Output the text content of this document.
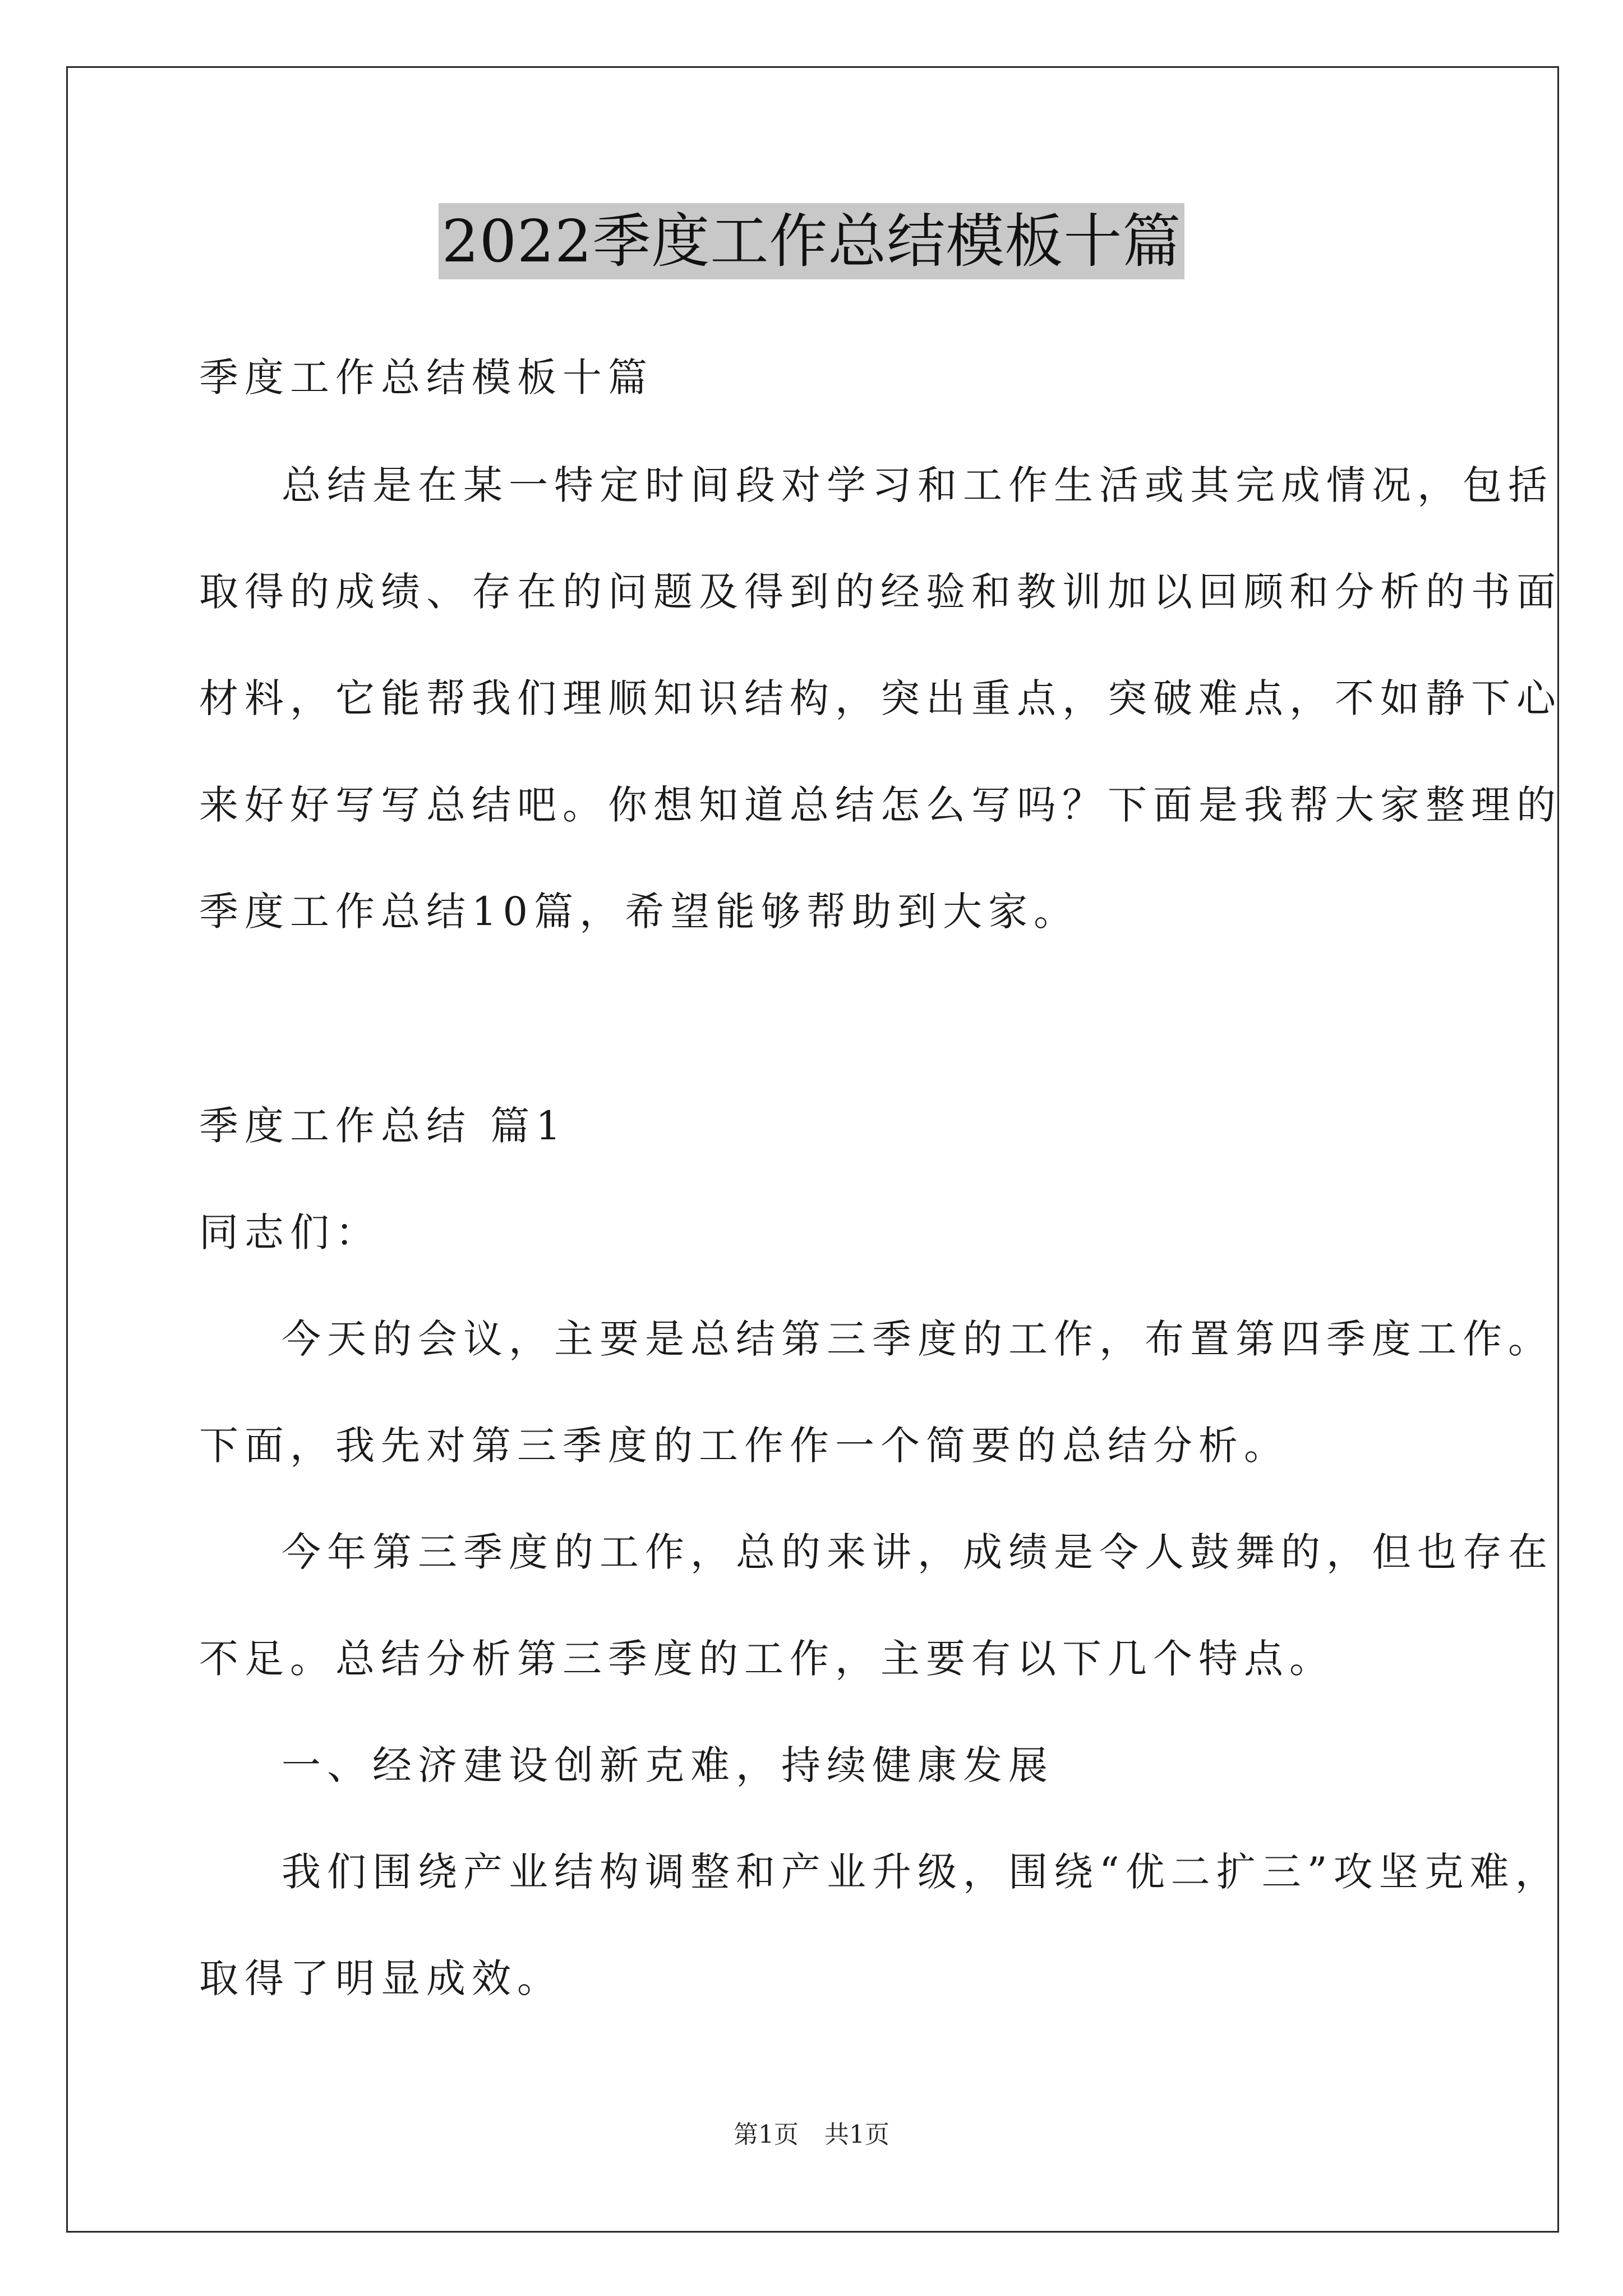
2022季度工作总结模板十篇
季度工作总结模板十篇
总结是在某一特定时间段对学习和工作生活或其完成情况，包括
取得的成绩、存在的问题及得到的经验和教训加以回顾和分析的书面
材料，它能帮我们理顺知识结构，突出重点，突破难点，不如静下心
来好好写写总结吧。你想知道总结怎么写吗？下面是我帮大家整理的
季度工作总结10篇，希望能够帮助到大家。
季度工作总结 篇1
同志们：
今天的会议，主要是总结第三季度的工作，布置第四季度工作。
下面，我先对第三季度的工作作一个简要的总结分析。
今年第三季度的工作，总的来讲，成绩是令人鼓舞的，但也存在
不足。总结分析第三季度的工作，主要有以下几个特点。
一、经济建设创新克难，持续健康发展
我们围绕产业结构调整和产业升级，围绕“优二扩三”攻坚克难，
取得了明显成效。
第1页 共1页
